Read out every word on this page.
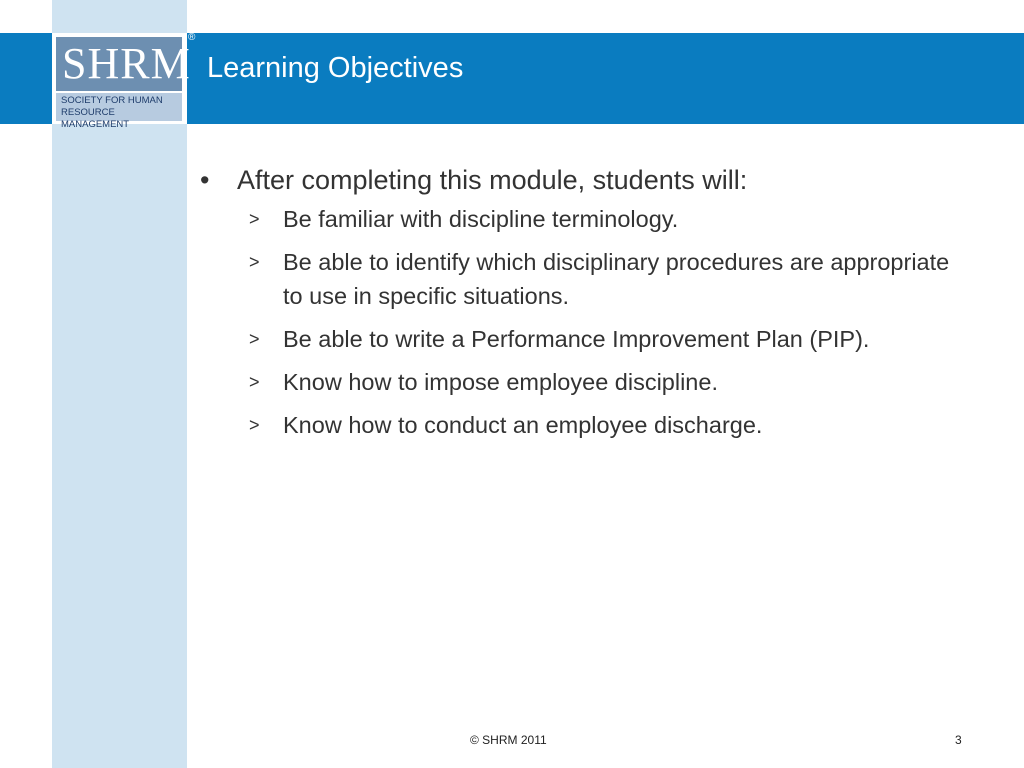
SHRM
SOCIETY FOR HUMAN
RESOURCE MANAGEMENT
®
Learning Objectives
• After completing this module, students will:
> Be familiar with discipline terminology.
> Be able to identify which disciplinary procedures are appropriate to use in specific situations.
> Be able to write a Performance Improvement Plan (PIP).
> Know how to impose employee discipline.
> Know how to conduct an employee discharge.
© SHRM 2011	3
